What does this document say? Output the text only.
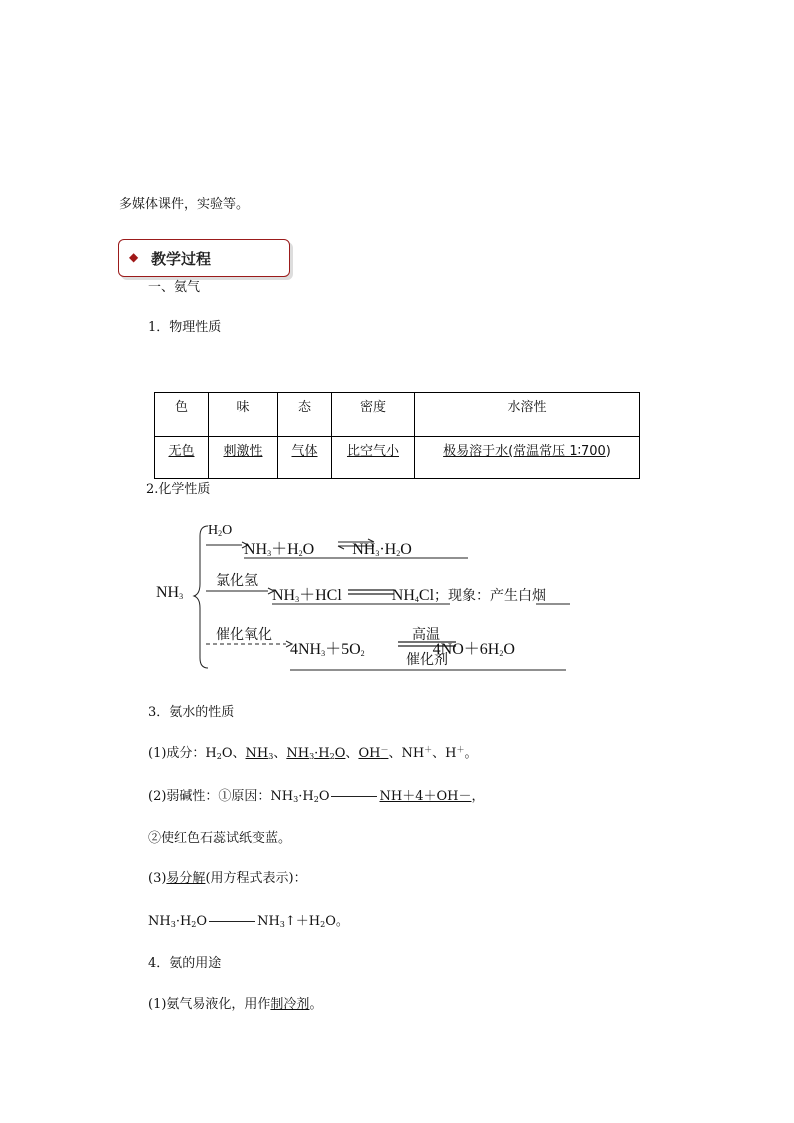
多媒体课件，实验等。
◆ 教学过程
一、氨气
1．物理性质
色	味	态	密度	水溶性
无色	刺激性	气体	比空气小	极易溶于水(常温常压 1∶700)
2.化学性质
$NH_3$
$H_2O$
$NH_3+H_2O$ $NH_3\cdot H_2O$
氯化氢
$NH_3+HCl$	$NH_4Cl$；现象：产生白烟
催化氧化	高温
催化剂
$4NH_3+5O_2$	$4NO+6H_2O$
3．氨水的性质
(1)成分：$H_2O$、$NH_3$、$NH_3\cdot H_2O$、OH－、NH＋、H＋。
(2)弱碱性：①原因：$NH_3\cdot H_2O$	NH＋4＋OH－，
②使红色石蕊试纸变蓝。
(3)易分解(用方程式表示)：
$NH_3\cdot H_2O$	$NH_3↑+H_2O$。
4．氨的用途
(1)氨气易液化，用作制冷剂。
